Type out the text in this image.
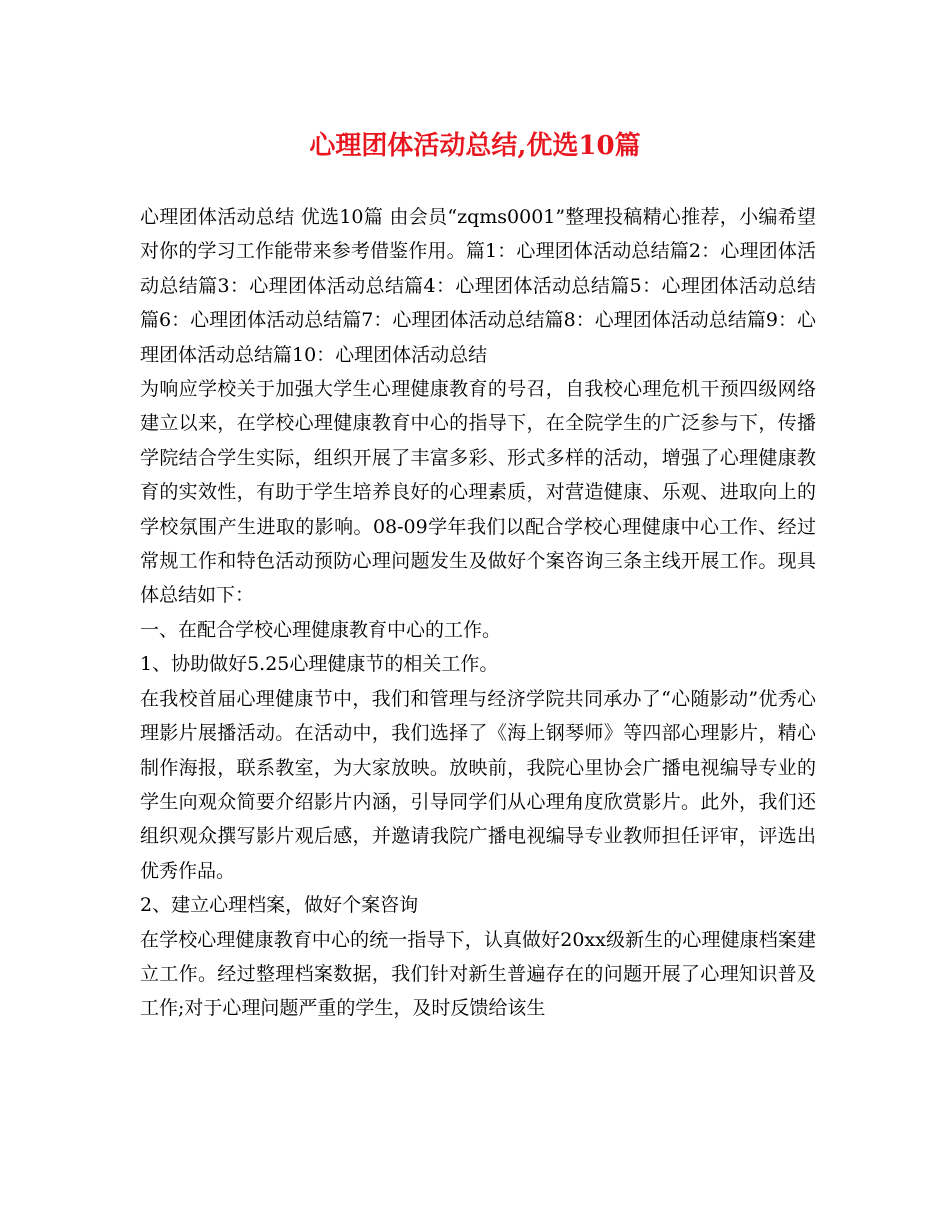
心理团体活动总结,优选10篇

心理团体活动总结 优选10篇 由会员“zqms0001”整理投稿精心推荐，小编希望对你的学习工作能带来参考借鉴作用。篇1：心理团体活动总结篇2：心理团体活动总结篇3：心理团体活动总结篇4：心理团体活动总结篇5：心理团体活动总结篇6：心理团体活动总结篇7：心理团体活动总结篇8：心理团体活动总结篇9：心理团体活动总结篇10：心理团体活动总结

为响应学校关于加强大学生心理健康教育的号召，自我校心理危机干预四级网络建立以来，在学校心理健康教育中心的指导下，在全院学生的广泛参与下，传播学院结合学生实际，组织开展了丰富多彩、形式多样的活动，增强了心理健康教育的实效性，有助于学生培养良好的心理素质，对营造健康、乐观、进取向上的学校氛围产生进取的影响。08-09学年我们以配合学校心理健康中心工作、经过常规工作和特色活动预防心理问题发生及做好个案咨询三条主线开展工作。现具体总结如下：

一、在配合学校心理健康教育中心的工作。

1、协助做好5.25心理健康节的相关工作。

在我校首届心理健康节中，我们和管理与经济学院共同承办了“心随影动”优秀心理影片展播活动。在活动中，我们选择了《海上钢琴师》等四部心理影片，精心制作海报，联系教室，为大家放映。放映前，我院心里协会广播电视编导专业的学生向观众简要介绍影片内涵，引导同学们从心理角度欣赏影片。此外，我们还组织观众撰写影片观后感，并邀请我院广播电视编导专业教师担任评审，评选出优秀作品。

2、建立心理档案，做好个案咨询

在学校心理健康教育中心的统一指导下，认真做好20xx级新生的心理健康档案建立工作。经过整理档案数据，我们针对新生普遍存在的问题开展了心理知识普及工作;对于心理问题严重的学生，及时反馈给该生
